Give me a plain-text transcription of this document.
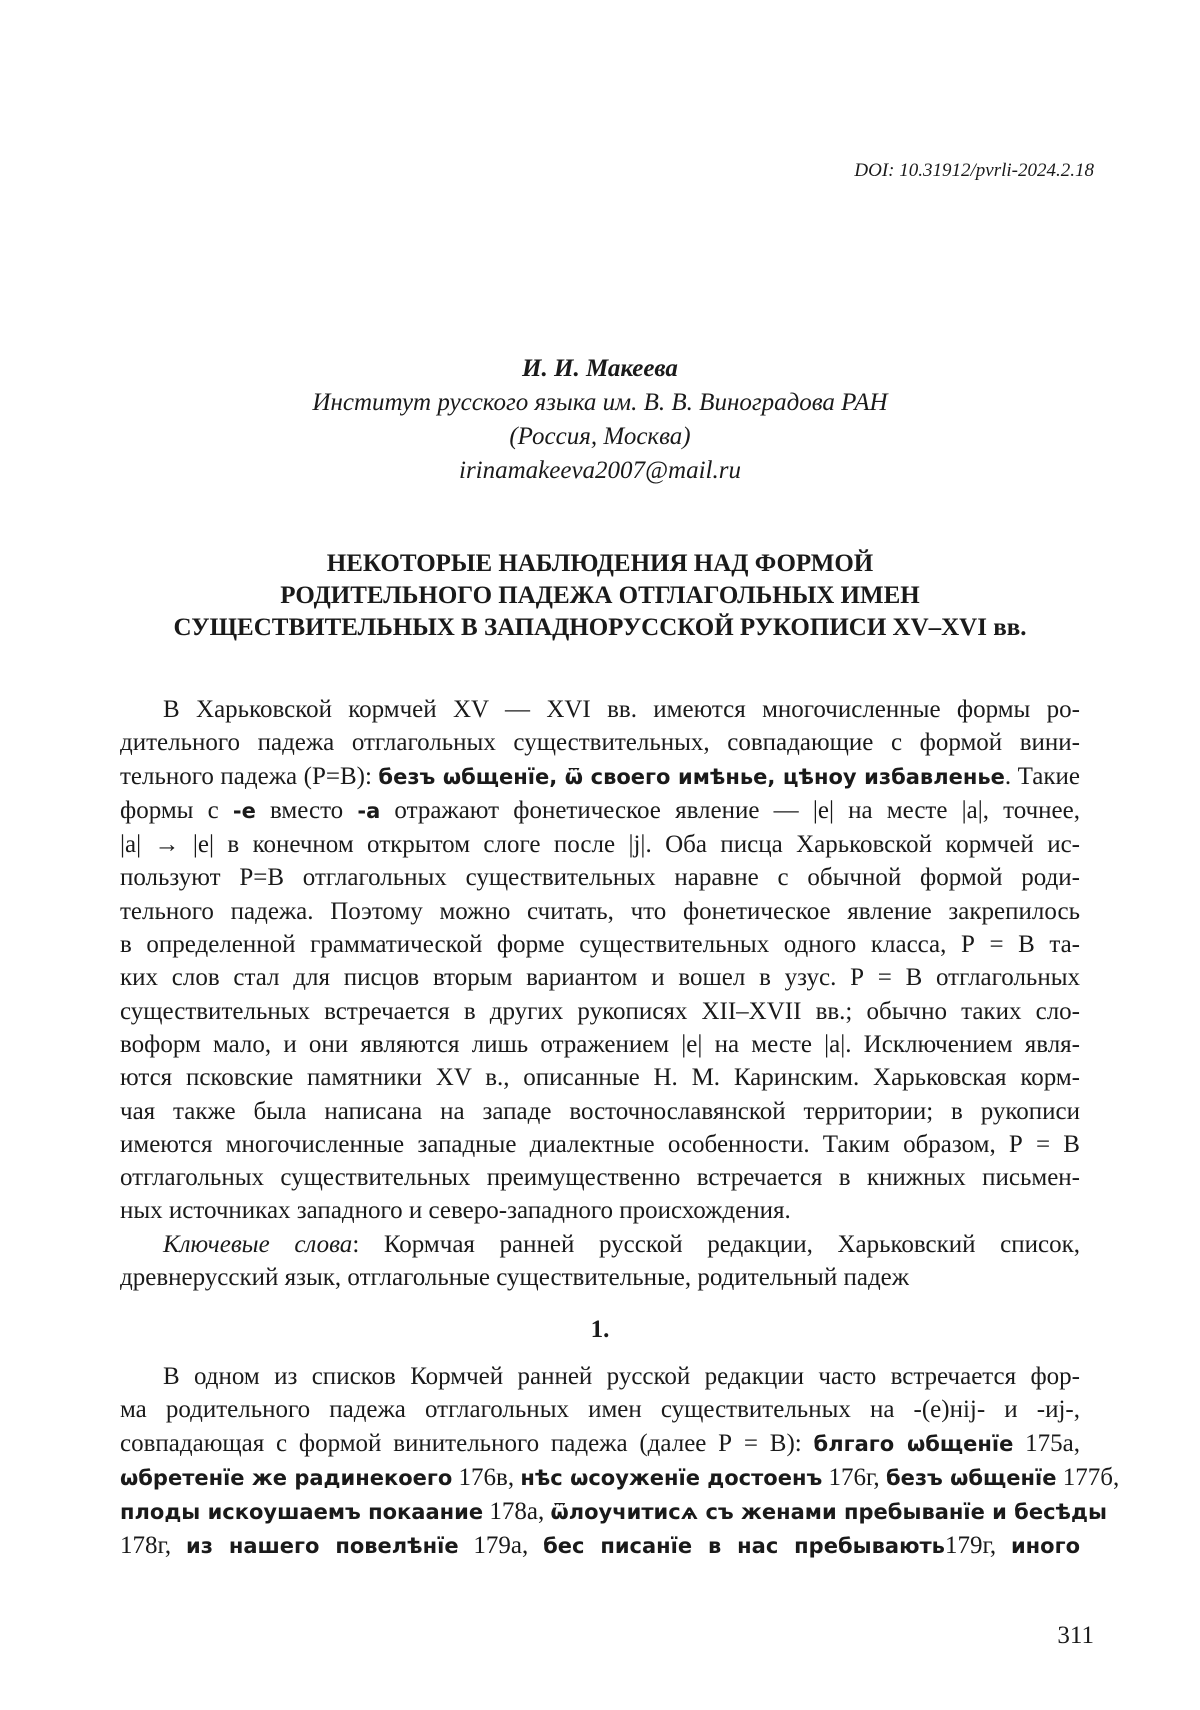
DOI: 10.31912/pvrli-2024.2.18
И. И. Макеева
Институт русского языка им. В. В. Виноградова РАН
(Россия, Москва)
irinamakeeva2007@mail.ru
НЕКОТОРЫЕ НАБЛЮДЕНИЯ НАД ФОРМОЙ
РОДИТЕЛЬНОГО ПАДЕЖА ОТГЛАГОЛЬНЫХ ИМЕН
СУЩЕСТВИТЕЛЬНЫХ В ЗАПАДНОРУССКОЙ РУКОПИСИ XV–XVI вв.
В Харьковской кормчей XV — XVI вв. имеются многочисленные формы ро-
дительного падежа отглагольных существительных, совпадающие с формой вини-
тельного падежа (Р=В): безъ ѡбщенїе, ѿ своего имѣнье, цѣноу избавленье. Такие
формы с -е вместо -а отражают фонетическое явление — |е| на месте |а|, точнее,
|а| → |е| в конечном открытом слоге после |j|. Оба писца Харьковской кормчей ис-
пользуют Р=В отглагольных существительных наравне с обычной формой роди-
тельного падежа. Поэтому можно считать, что фонетическое явление закрепилось
в определенной грамматической форме существительных одного класса, Р = В та-
ких слов стал для писцов вторым вариантом и вошел в узус. Р = В отглагольных
существительных встречается в других рукописях XII–XVII вв.; обычно таких сло-
воформ мало, и они являются лишь отражением |е| на месте |а|. Исключением явля-
ются псковские памятники XV в., описанные Н. М. Каринским. Харьковская корм-
чая также была написана на западе восточнославянской территории; в рукописи
имеются многочисленные западные диалектные особенности. Таким образом, Р = В
отглагольных существительных преимущественно встречается в книжных письмен-
ных источниках западного и северо-западного происхождения.
Ключевые слова: Кормчая ранней русской редакции, Харьковский список,
древнерусский язык, отглагольные существительные, родительный падеж
1.
В одном из списков Кормчей ранней русской редакции часто встречается фор-
ма родительного падежа отглагольных имен существительных на -(е)нij- и -иj-,
совпадающая с формой винительного падежа (далее Р = В): блгаго ѡбщенїе 175а,
ѡбретенїе же радинекоего 176в, нѣс ѡсоуженїе достоенъ 176г, безъ ѡбщенїе 177б,
плоды искоушаемъ покаание 178а, ѿлоучитисѧ съ женами пребыванїе и бесѣды
178г, из нашего повелѣнїе 179а, бес писанїе в нас пребывають179г, иного
311
